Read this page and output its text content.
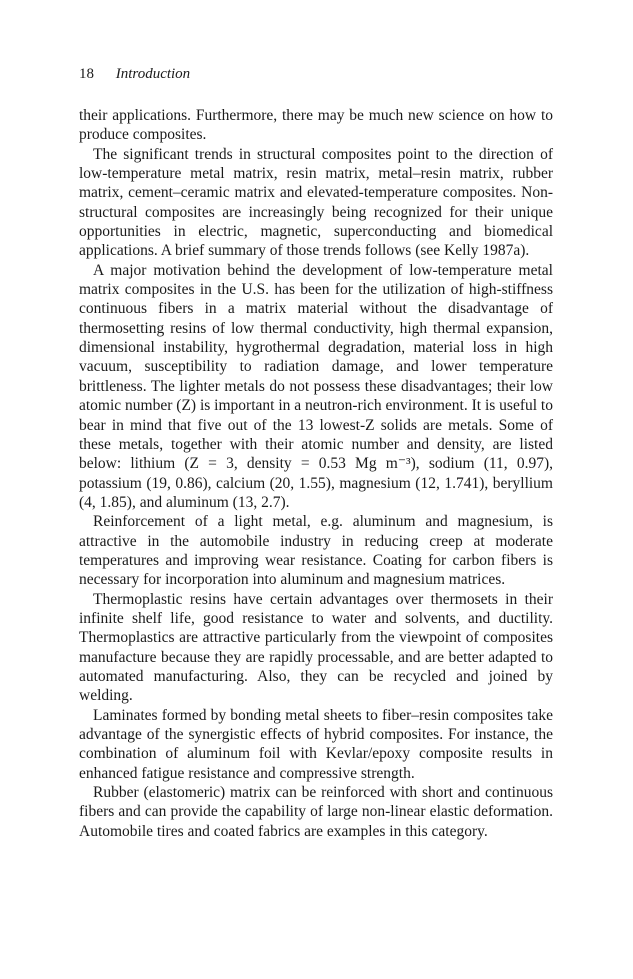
18 Introduction

their applications. Furthermore, there may be much new science on how to produce composites.

The significant trends in structural composites point to the direction of low-temperature metal matrix, resin matrix, metal–resin matrix, rubber matrix, cement–ceramic matrix and elevated-temperature composites. Non-structural composites are increasingly being recognized for their unique opportunities in electric, magnetic, superconducting and biomedical applications. A brief summary of those trends follows (see Kelly 1987a).

A major motivation behind the development of low-temperature metal matrix composites in the U.S. has been for the utilization of high-stiffness continuous fibers in a matrix material without the disadvantage of thermosetting resins of low thermal conductivity, high thermal expansion, dimensional instability, hygrothermal degradation, material loss in high vacuum, susceptibility to radiation damage, and lower temperature brittleness. The lighter metals do not possess these disadvantages; their low atomic number (Z) is important in a neutron-rich environment. It is useful to bear in mind that five out of the 13 lowest-Z solids are metals. Some of these metals, together with their atomic number and density, are listed below: lithium (Z = 3, density = 0.53 Mg m⁻³), sodium (11, 0.97), potassium (19, 0.86), calcium (20, 1.55), magnesium (12, 1.741), beryllium (4, 1.85), and aluminum (13, 2.7).

Reinforcement of a light metal, e.g. aluminum and magnesium, is attractive in the automobile industry in reducing creep at moderate temperatures and improving wear resistance. Coating for carbon fibers is necessary for incorporation into aluminum and magnesium matrices.

Thermoplastic resins have certain advantages over thermosets in their infinite shelf life, good resistance to water and solvents, and ductility. Thermoplastics are attractive particularly from the viewpoint of composites manufacture because they are rapidly processable, and are better adapted to automated manufacturing. Also, they can be recycled and joined by welding.

Laminates formed by bonding metal sheets to fiber–resin composites take advantage of the synergistic effects of hybrid composites. For instance, the combination of aluminum foil with Kevlar/epoxy composite results in enhanced fatigue resistance and compressive strength.

Rubber (elastomeric) matrix can be reinforced with short and continuous fibers and can provide the capability of large non-linear elastic deformation. Automobile tires and coated fabrics are examples in this category.
